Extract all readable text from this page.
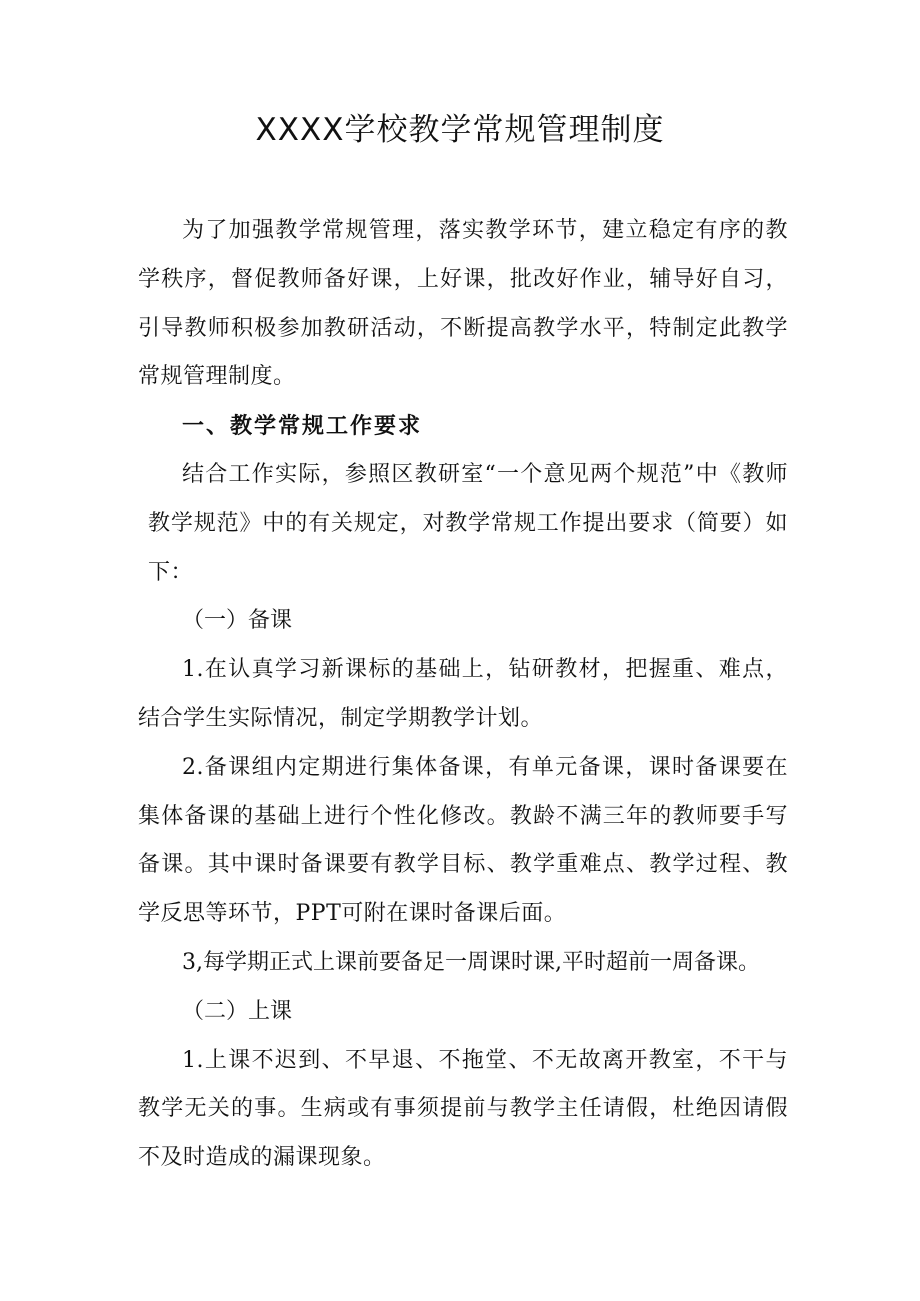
XXXX学校教学常规管理制度

为了加强教学常规管理，落实教学环节，建立稳定有序的教学秩序，督促教师备好课，上好课，批改好作业，辅导好自习，引导教师积极参加教研活动，不断提高教学水平，特制定此教学常规管理制度。

一、教学常规工作要求

结合工作实际，参照区教研室“一个意见两个规范”中《教师教学规范》中的有关规定，对教学常规工作提出要求（简要）如下：

（一）备课

1.在认真学习新课标的基础上，钻研教材，把握重、难点，结合学生实际情况，制定学期教学计划。

2.备课组内定期进行集体备课，有单元备课，课时备课要在集体备课的基础上进行个性化修改。教龄不满三年的教师要手写备课。其中课时备课要有教学目标、教学重难点、教学过程、教学反思等环节，PPT可附在课时备课后面。

3,每学期正式上课前要备足一周课时课,平时超前一周备课。

（二）上课

1.上课不迟到、不早退、不拖堂、不无故离开教室，不干与教学无关的事。生病或有事须提前与教学主任请假，杜绝因请假不及时造成的漏课现象。
